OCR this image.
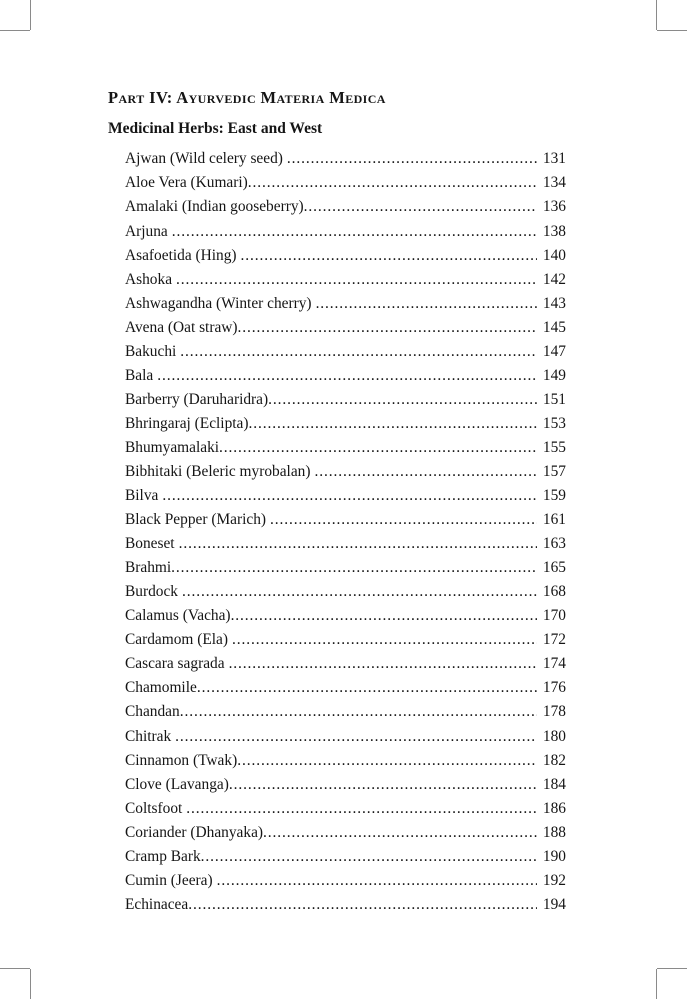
Part IV: Ayurvedic Materia Medica
Medicinal Herbs: East and West
Ajwan (Wild celery seed) .....	131
Aloe Vera (Kumari) .....	134
Amalaki (Indian gooseberry) .....	136
Arjuna .....	138
Asafoetida (Hing) .....	140
Ashoka .....	142
Ashwagandha (Winter cherry) .....	143
Avena (Oat straw) .....	145
Bakuchi .....	147
Bala .....	149
Barberry (Daruharidra) .....	151
Bhringaraj (Eclipta) .....	153
Bhumyamalaki .....	155
Bibhitaki (Beleric myrobalan) .....	157
Bilva .....	159
Black Pepper (Marich) .....	161
Boneset .....	163
Brahmi .....	165
Burdock .....	168
Calamus (Vacha) .....	170
Cardamom (Ela) .....	172
Cascara sagrada .....	174
Chamomile .....	176
Chandan .....	178
Chitrak .....	180
Cinnamon (Twak) .....	182
Clove (Lavanga) .....	184
Coltsfoot .....	186
Coriander (Dhanyaka) .....	188
Cramp Bark .....	190
Cumin (Jeera) .....	192
Echinacea .....	194
